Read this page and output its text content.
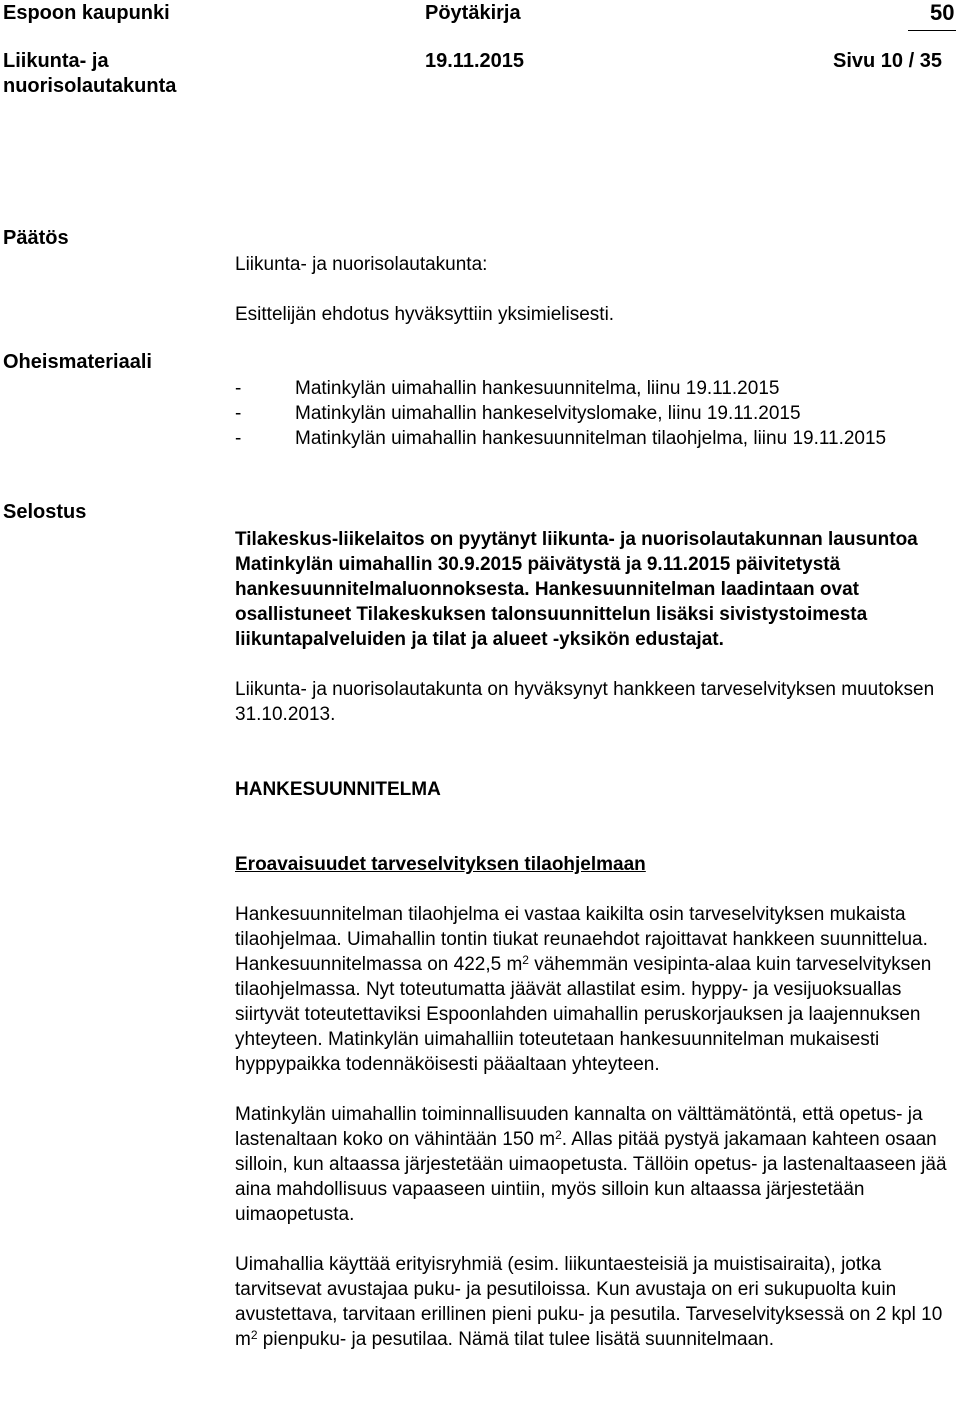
Espoon kaupunki	Pöytäkirja	50
Liikunta- ja
nuorisolautakunta
19.11.2015	Sivu 10 / 35
Päätös
Oheismateriaali
Selostus

Liikunta- ja nuorisolautakunta:

Esittelijän ehdotus hyväksyttiin yksimielisesti.

-	Matinkylän uimahallin hankesuunnitelma, liinu 19.11.2015
-	Matinkylän uimahallin hankeselvityslomake, liinu 19.11.2015
-	Matinkylän uimahallin hankesuunnitelman tilaohjelma, liinu 19.11.2015

Tilakeskus-liikelaitos on pyytänyt liikunta- ja nuorisolautakunnan lausuntoa Matinkylän uimahallin 30.9.2015 päivätystä ja 9.11.2015 päivitetystä hankesuunnitelmaluonnoksesta. Hankesuunnitelman laadintaan ovat osallistuneet Tilakeskuksen talonsuunnittelun lisäksi sivistystoimesta liikuntapalveluiden ja tilat ja alueet -yksikön edustajat.

Liikunta- ja nuorisolautakunta on hyväksynyt hankkeen tarveselvityksen muutoksen 31.10.2013.

HANKESUUNNITELMA

Eroavaisuudet tarveselvityksen tilaohjelmaan

Hankesuunnitelman tilaohjelma ei vastaa kaikilta osin tarveselvityksen mukaista tilaohjelmaa. Uimahallin tontin tiukat reunaehdot rajoittavat hankkeen suunnittelua. Hankesuunnitelmassa on 422,5 $m^2$ vähemmän vesipinta-alaa kuin tarveselvityksen tilaohjelmassa. Nyt toteutumatta jäävät allastilat esim. hyppy- ja vesijuoksuallas siirtyvät toteutettaviksi Espoonlahden uimahallin peruskorjauksen ja laajennuksen yhteyteen. Matinkylän uimahalliin toteutetaan hankesuunnitelman mukaisesti hyppypaikka todennäköisesti pääaltaan yhteyteen.

Matinkylän uimahallin toiminnallisuuden kannalta on välttämätöntä, että opetus- ja lastenaltaan koko on vähintään 150 $m^2$. Allas pitää pystyä jakamaan kahteen osaan silloin, kun altaassa järjestetään uimaopetusta. Tällöin opetus- ja lastenaltaaseen jää aina mahdollisuus vapaaseen uintiin, myös silloin kun altaassa järjestetään uimaopetusta.

Uimahallia käyttää erityisryhmiä (esim. liikuntaesteisiä ja muistisairaita), jotka tarvitsevat avustajaa puku- ja pesutiloissa. Kun avustaja on eri sukupuolta kuin avustettava, tarvitaan erillinen pieni puku- ja pesutila. Tarveselvityksessä on 2 kpl 10 $m^2$ pienpuku- ja pesutilaa. Nämä tilat tulee lisätä suunnitelmaan.
